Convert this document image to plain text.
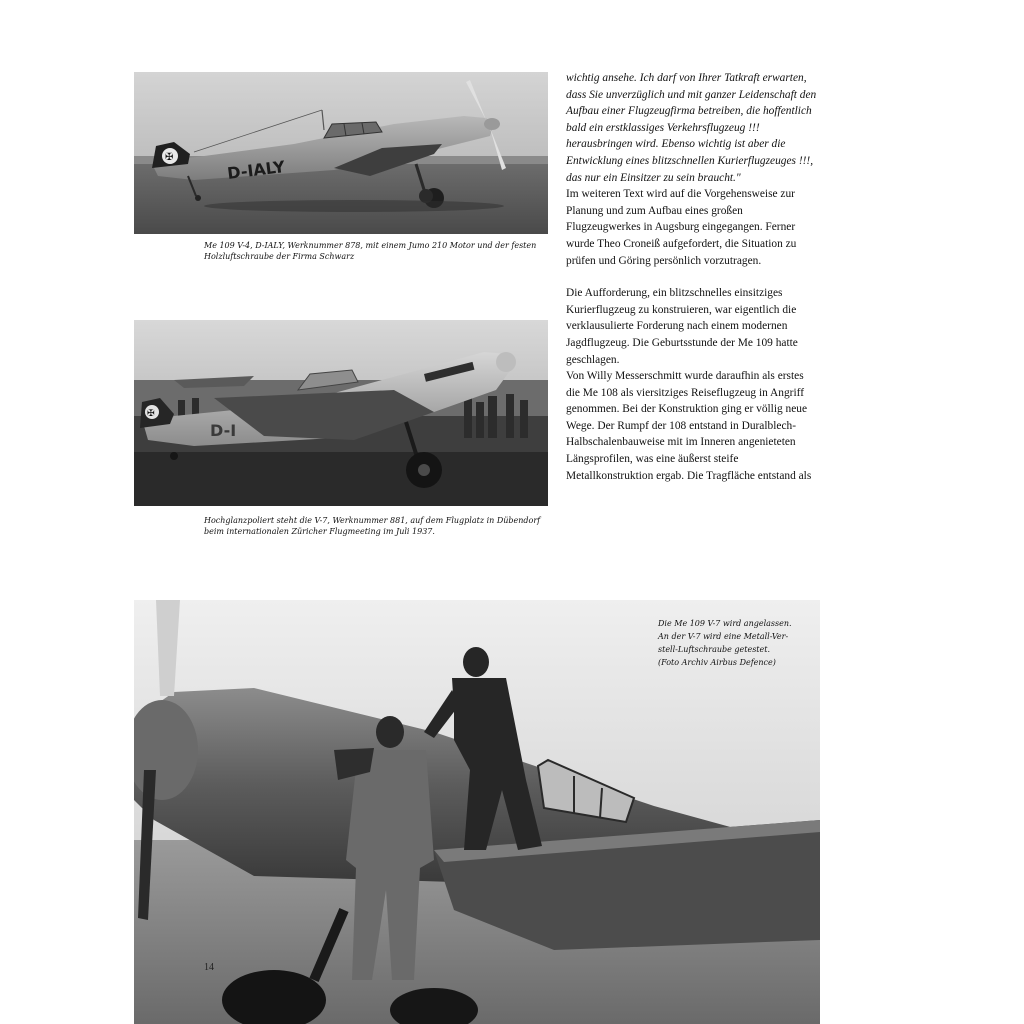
✠	D-IALY

Me 109 V-4, D-IALY, Werknummer 878, mit einem Jumo 210 Motor und der festen Holzluftschraube der Firma Schwarz

✠
D-I

Hochglanzpoliert steht die V-7, Werknummer 881, auf dem Flugplatz in Dübendorf beim internationalen Züricher Flugmeeting im Juli 1937.

wichtig ansehe. Ich darf von Ihrer Tatkraft erwarten, dass Sie unverzüglich und mit ganzer Leidenschaft den Aufbau einer Flugzeugfirma betreiben, die hoffentlich bald ein erstklassiges Verkehrsflugzeug !!! herausbringen wird. Ebenso wichtig ist aber die Entwicklung eines blitzschnellen Kurierflugzeuges !!!, das nur ein Einsitzer zu sein braucht."

Im weiteren Text wird auf die Vorgehensweise zur Planung und zum Aufbau eines großen Flugzeugwerkes in Augsburg eingegangen. Ferner wurde Theo Croneiß aufgefordert, die Situation zu prüfen und Göring persönlich vorzutragen.

Die Aufforderung, ein blitzschnelles einsitziges Kurierflugzeug zu konstruieren, war eigentlich die verklausulierte Forderung nach einem modernen Jagdflugzeug. Die Geburtsstunde der Me 109 hatte geschlagen.

Von Willy Messerschmitt wurde daraufhin als erstes die Me 108 als viersitziges Reiseflugzeug in Angriff genommen. Bei der Konstruktion ging er völlig neue Wege. Der Rumpf der 108 entstand in Duralblech-Halbschalenbauweise mit im Inneren angenieteten Längsprofilen, was eine äußerst steife Metallkonstruktion ergab. Die Tragfläche entstand als

Die Me 109 V-7 wird angelassen.
An der V-7 wird eine Metall-Ver-
stell-Luftschraube getestet.
(Foto Archiv Airbus Defence)
14
